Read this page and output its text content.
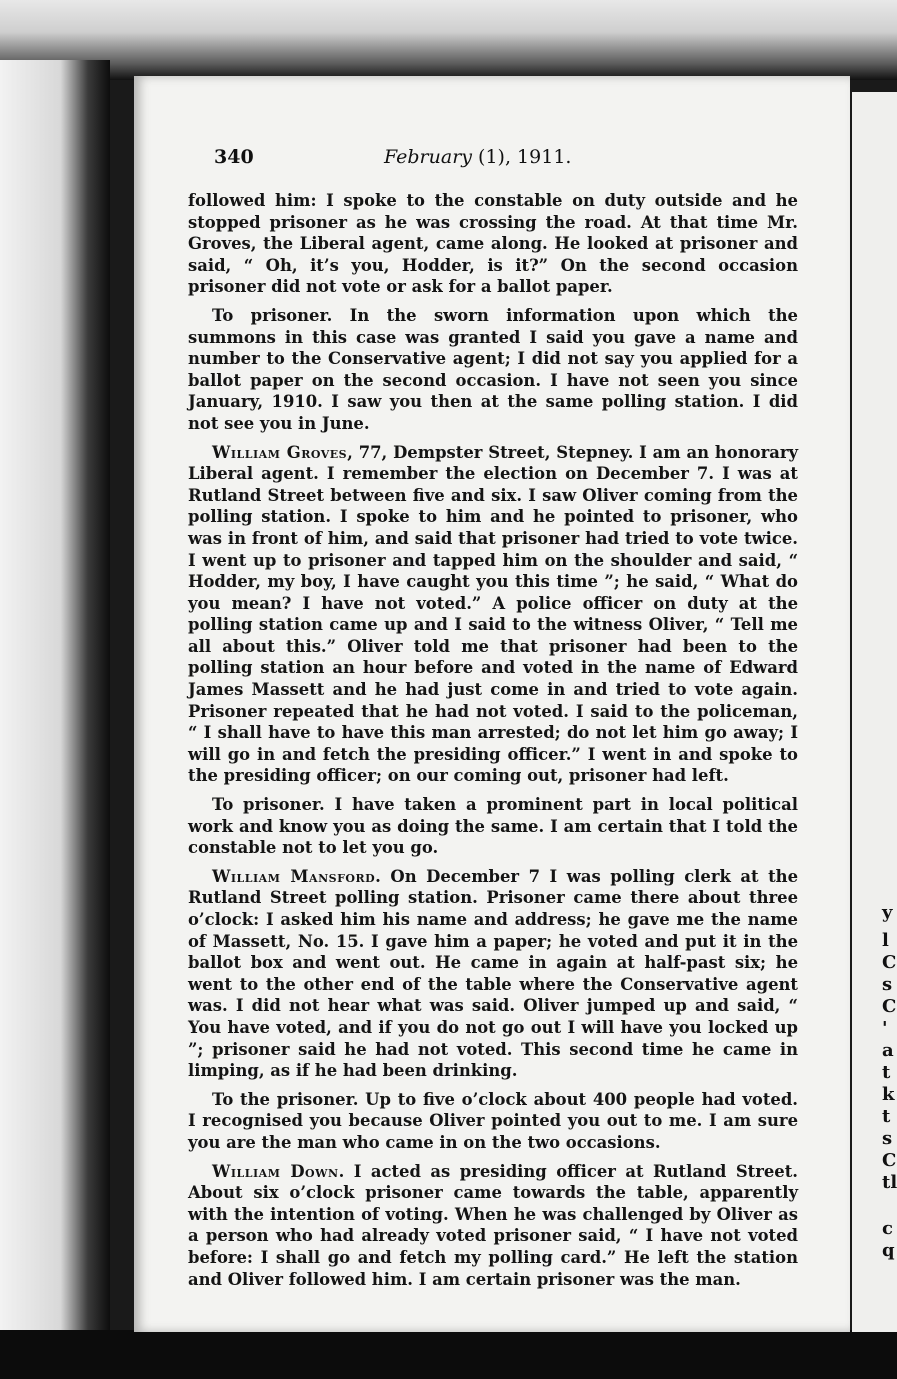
y
l
C
s
C
'
a
t
k
t
s
C
tl
c
q
340	February (1), 1911.

followed him: I spoke to the constable on duty outside and he stopped prisoner as he was crossing the road. At that time Mr. Groves, the Liberal agent, came along. He looked at prisoner and said, “ Oh, it’s you, Hodder, is it?” On the second occasion prisoner did not vote or ask for a ballot paper.

To prisoner. In the sworn information upon which the summons in this case was granted I said you gave a name and number to the Conservative agent; I did not say you applied for a ballot paper on the second occasion. I have not seen you since January, 1910. I saw you then at the same polling station. I did not see you in June.

William Groves, 77, Dempster Street, Stepney. I am an honorary Liberal agent. I remember the election on December 7. I was at Rutland Street between five and six. I saw Oliver coming from the polling station. I spoke to him and he pointed to prisoner, who was in front of him, and said that prisoner had tried to vote twice. I went up to prisoner and tapped him on the shoulder and said, “ Hodder, my boy, I have caught you this time ”; he said, “ What do you mean? I have not voted.” A police officer on duty at the polling station came up and I said to the witness Oliver, “ Tell me all about this.” Oliver told me that prisoner had been to the polling station an hour before and voted in the name of Edward James Massett and he had just come in and tried to vote again. Prisoner repeated that he had not voted. I said to the policeman, “ I shall have to have this man arrested; do not let him go away; I will go in and fetch the presiding officer.” I went in and spoke to the presiding officer; on our coming out, prisoner had left.

To prisoner. I have taken a prominent part in local political work and know you as doing the same. I am certain that I told the constable not to let you go.

William Mansford. On December 7 I was polling clerk at the Rutland Street polling station. Prisoner came there about three o’clock: I asked him his name and address; he gave me the name of Massett, No. 15. I gave him a paper; he voted and put it in the ballot box and went out. He came in again at half-past six; he went to the other end of the table where the Conservative agent was. I did not hear what was said. Oliver jumped up and said, “ You have voted, and if you do not go out I will have you locked up ”; prisoner said he had not voted. This second time he came in limping, as if he had been drinking.

To the prisoner. Up to five o’clock about 400 people had voted. I recognised you because Oliver pointed you out to me. I am sure you are the man who came in on the two occasions.

William Down. I acted as presiding officer at Rutland Street. About six o’clock prisoner came towards the table, apparently with the intention of voting. When he was challenged by Oliver as a person who had already voted prisoner said, “ I have not voted before: I shall go and fetch my polling card.” He left the station and Oliver followed him. I am certain prisoner was the man.
